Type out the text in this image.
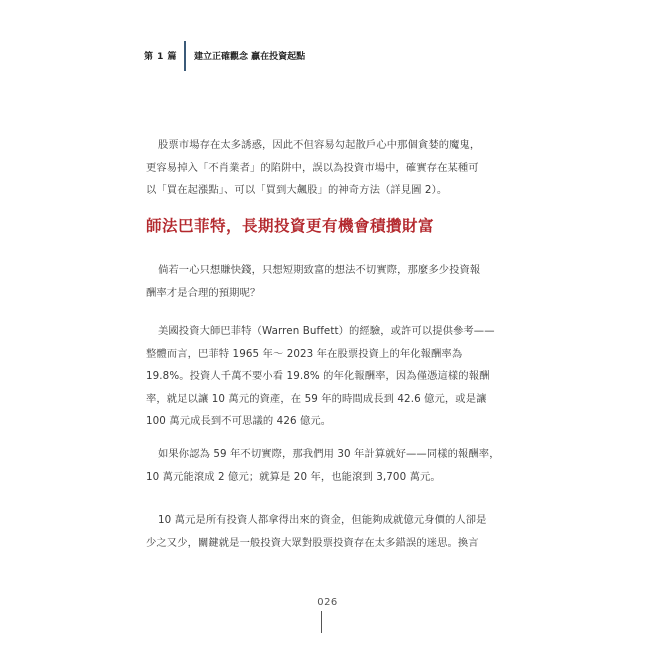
第 1 篇 建立正確觀念 贏在投資起點
股票市場存在太多誘惑，因此不但容易勾起散戶心中那個貪婪的魔鬼，
更容易掉入「不肖業者」的陷阱中，誤以為投資市場中，確實存在某種可
以「買在起漲點」、可以「買到大飆股」的神奇方法（詳見圖 2）。
師法巴菲特，長期投資更有機會積攢財富
倘若一心只想賺快錢，只想短期致富的想法不切實際，那麼多少投資報
酬率才是合理的預期呢？
美國投資大師巴菲特（Warren Buffett）的經驗，或許可以提供參考——
整體而言，巴菲特 1965 年～ 2023 年在股票投資上的年化報酬率為
19.8%。投資人千萬不要小看 19.8% 的年化報酬率，因為僅憑這樣的報酬
率，就足以讓 10 萬元的資產，在 59 年的時間成長到 42.6 億元，或是讓
100 萬元成長到不可思議的 426 億元。
如果你認為 59 年不切實際，那我們用 30 年計算就好——同樣的報酬率，
10 萬元能滾成 2 億元；就算是 20 年，也能滾到 3,700 萬元。
10 萬元是所有投資人都拿得出來的資金，但能夠成就億元身價的人卻是
少之又少，關鍵就是一般投資大眾對股票投資存在太多錯誤的迷思。換言
026
